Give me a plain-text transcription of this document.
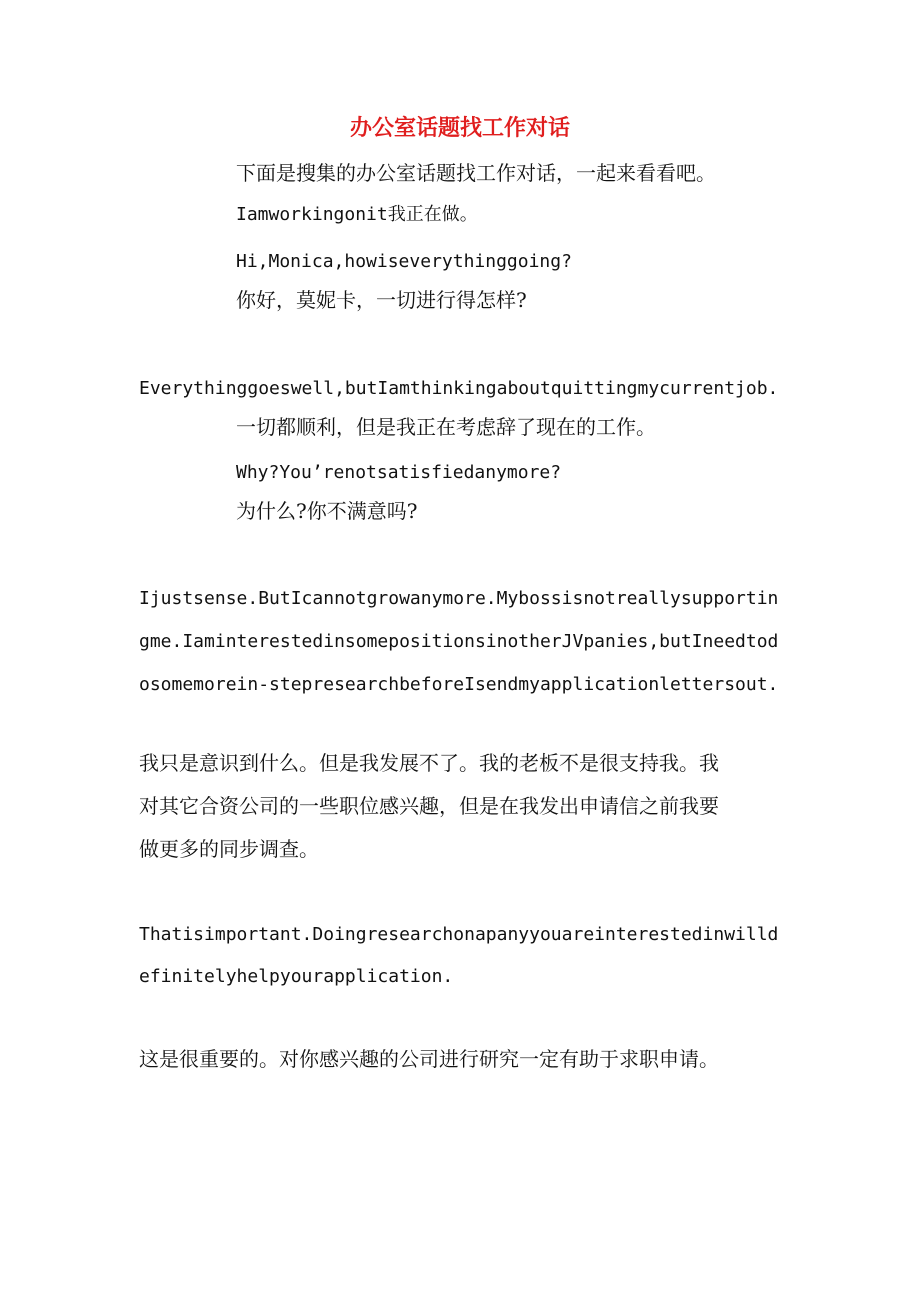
办公室话题找工作对话
下面是搜集的办公室话题找工作对话，一起来看看吧。
Iamworkingonit我正在做。
Hi,Monica,howiseverythinggoing?
你好，莫妮卡，一切进行得怎样?
Everythinggoeswell,butIamthinkingaboutquittingmycurrentjob.
一切都顺利，但是我正在考虑辞了现在的工作。
Why?You’renotsatisfiedanymore?
为什么?你不满意吗?
Ijustsense.ButIcannotgrowanymore.Mybossisnotreallysupportin
gme.IaminterestedinsomepositionsinotherJVpanies,butIneedtod
osomemorein-stepresearchbeforeIsendmyapplicationlettersout.
我只是意识到什么。但是我发展不了。我的老板不是很支持我。我
对其它合资公司的一些职位感兴趣，但是在我发出申请信之前我要
做更多的同步调查。
Thatisimportant.Doingresearchonapanyyouareinterestedinwilld
efinitelyhelpyourapplication.
这是很重要的。对你感兴趣的公司进行研究一定有助于求职申请。
